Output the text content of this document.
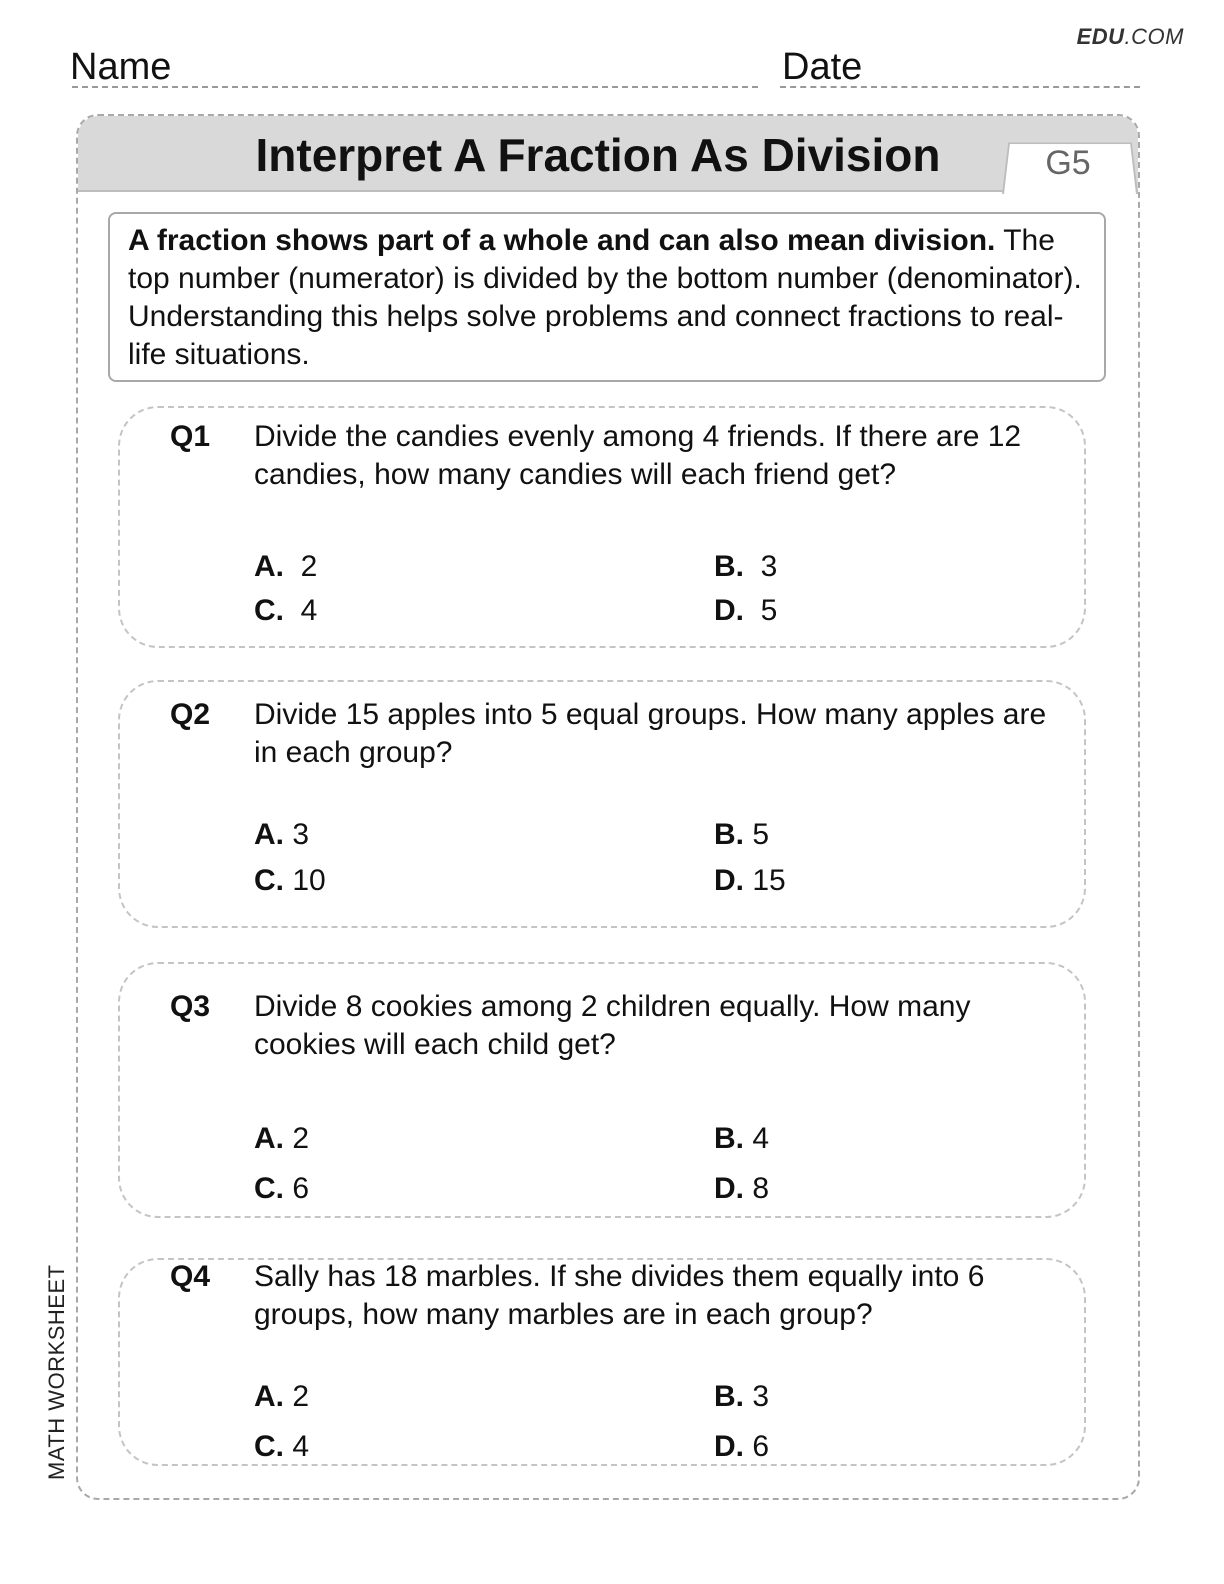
EDU.COM
Name	Date
Interpret A Fraction As Division	G5
A fraction shows part of a whole and can also mean division. The top number (numerator) is divided by the bottom number (denominator). Understanding this helps solve problems and connect fractions to real-life situations.
Q1 Divide the candies evenly among 4 friends. If there are 12 candies, how many candies will each friend get?
A. 2	B. 3
C. 4	D. 5
Q2 Divide 15 apples into 5 equal groups. How many apples are in each group?
A. 3	B. 5
C. 10	D. 15
Q3 Divide 8 cookies among 2 children equally. How many cookies will each child get?
A. 2	B. 4
C. 6	D. 8
Q4 Sally has 18 marbles. If she divides them equally into 6 groups, how many marbles are in each group?
A. 2	B. 3
C. 4	D. 6
MATH WORKSHEET
